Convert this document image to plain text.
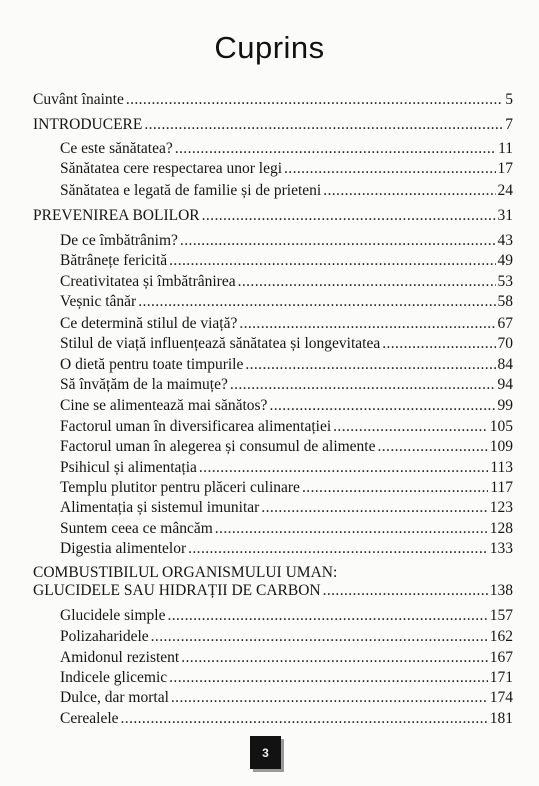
Cuprins
Cuvânt înainte .....	5
INTRODUCERE .....	7
Ce este sănătatea? .....	11
Sănătatea cere respectarea unor legi .....	17
Sănătatea e legată de familie și de prieteni .....	24
PREVENIREA BOLILOR .....	31
De ce îmbătrânim? .....	43
Bătrânețe fericită .....	49
Creativitatea și îmbătrânirea .....	53
Veșnic tânăr .....	58
Ce determină stilul de viață? .....	67
Stilul de viață influențează sănătatea și longevitatea .....	70
O dietă pentru toate timpurile .....	84
Să învățăm de la maimuțe? .....	94
Cine se alimentează mai sănătos? .....	99
Factorul uman în diversificarea alimentației .....	105
Factorul uman în alegerea și consumul de alimente .....	109
Psihicul și alimentația .....	113
Templu plutitor pentru plăceri culinare .....	117
Alimentația și sistemul imunitar .....	123
Suntem ceea ce mâncăm .....	128
Digestia alimentelor .....	133
COMBUSTIBILUL ORGANISMULUI UMAN:
GLUCIDELE SAU HIDRAȚII DE CARBON .....	138
Glucidele simple .....	157
Polizaharidele .....	162
Amidonul rezistent .....	167
Indicele glicemic .....	171
Dulce, dar mortal .....	174
Cerealele .....	181
3
